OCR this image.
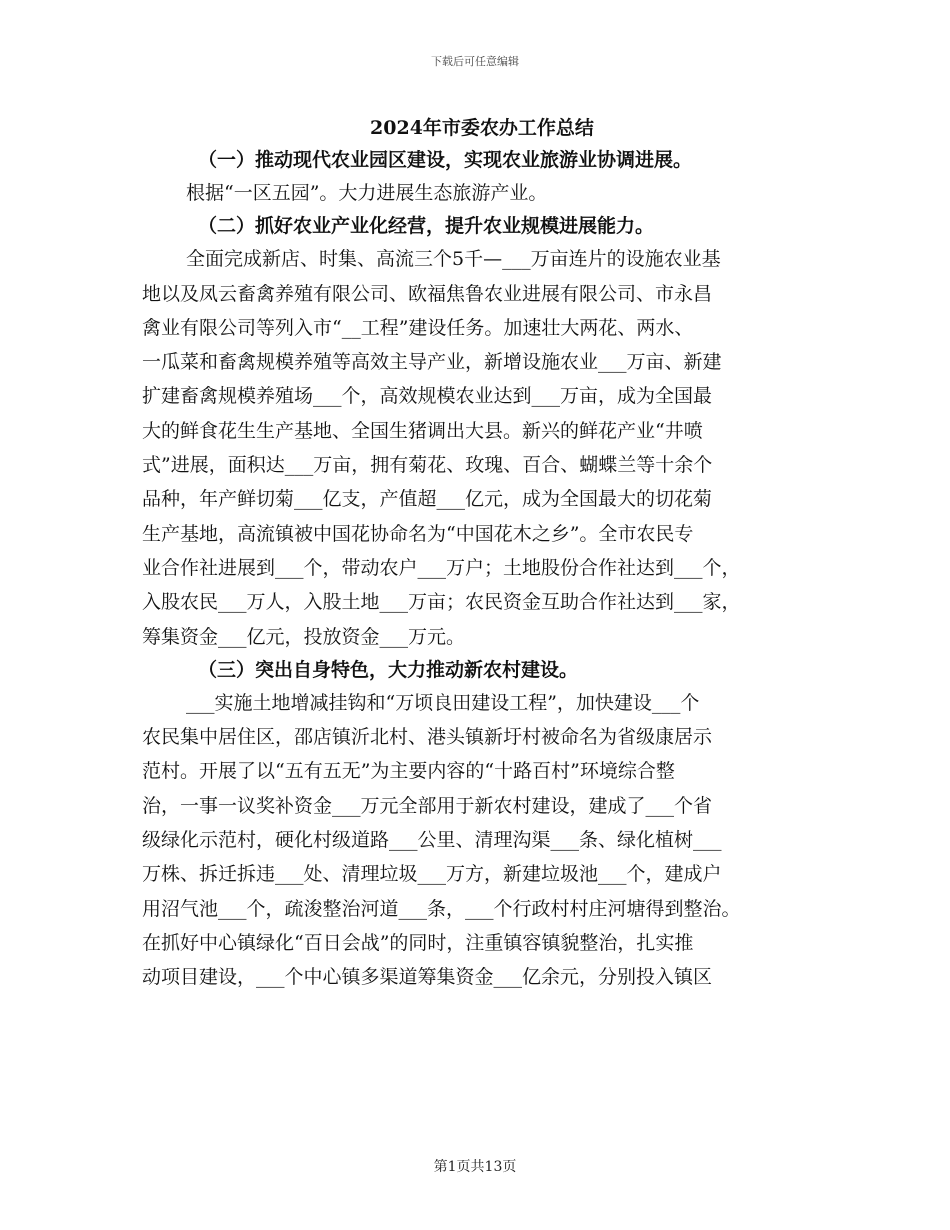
下载后可任意编辑
2024年市委农办工作总结
（一）推动现代农业园区建设，实现农业旅游业协调进展。
根据“一区五园”。大力进展生态旅游产业。
（二）抓好农业产业化经营，提升农业规模进展能力。
全面完成新店、时集、高流三个5千—___万亩连片的设施农业基
地以及凤云畜禽养殖有限公司、欧福焦鲁农业进展有限公司、市永昌
禽业有限公司等列入市“__工程”建设任务。加速壮大两花、两水、
一瓜菜和畜禽规模养殖等高效主导产业，新增设施农业___万亩、新建
扩建畜禽规模养殖场___个，高效规模农业达到___万亩，成为全国最
大的鲜食花生生产基地、全国生猪调出大县。新兴的鲜花产业“井喷
式”进展，面积达___万亩，拥有菊花、玫瑰、百合、蝴蝶兰等十余个
品种，年产鲜切菊___亿支，产值超___亿元，成为全国最大的切花菊
生产基地，高流镇被中国花协命名为“中国花木之乡”。全市农民专
业合作社进展到___个，带动农户___万户；土地股份合作社达到___个，
入股农民___万人，入股土地___万亩；农民资金互助合作社达到___家，
筹集资金___亿元，投放资金___万元。
（三）突出自身特色，大力推动新农村建设。
___实施土地增减挂钩和“万顷良田建设工程”，加快建设___个
农民集中居住区，邵店镇沂北村、港头镇新圩村被命名为省级康居示
范村。开展了以“五有五无”为主要内容的“十路百村”环境综合整
治，一事一议奖补资金___万元全部用于新农村建设，建成了___个省
级绿化示范村，硬化村级道路___公里、清理沟渠___条、绿化植树___
万株、拆迁拆违___处、清理垃圾___万方，新建垃圾池___个，建成户
用沼气池___个，疏浚整治河道___条，___个行政村村庄河塘得到整治。
在抓好中心镇绿化“百日会战”的同时，注重镇容镇貌整治，扎实推
动项目建设，___个中心镇多渠道筹集资金___亿余元，分别投入镇区
第1页共13页
